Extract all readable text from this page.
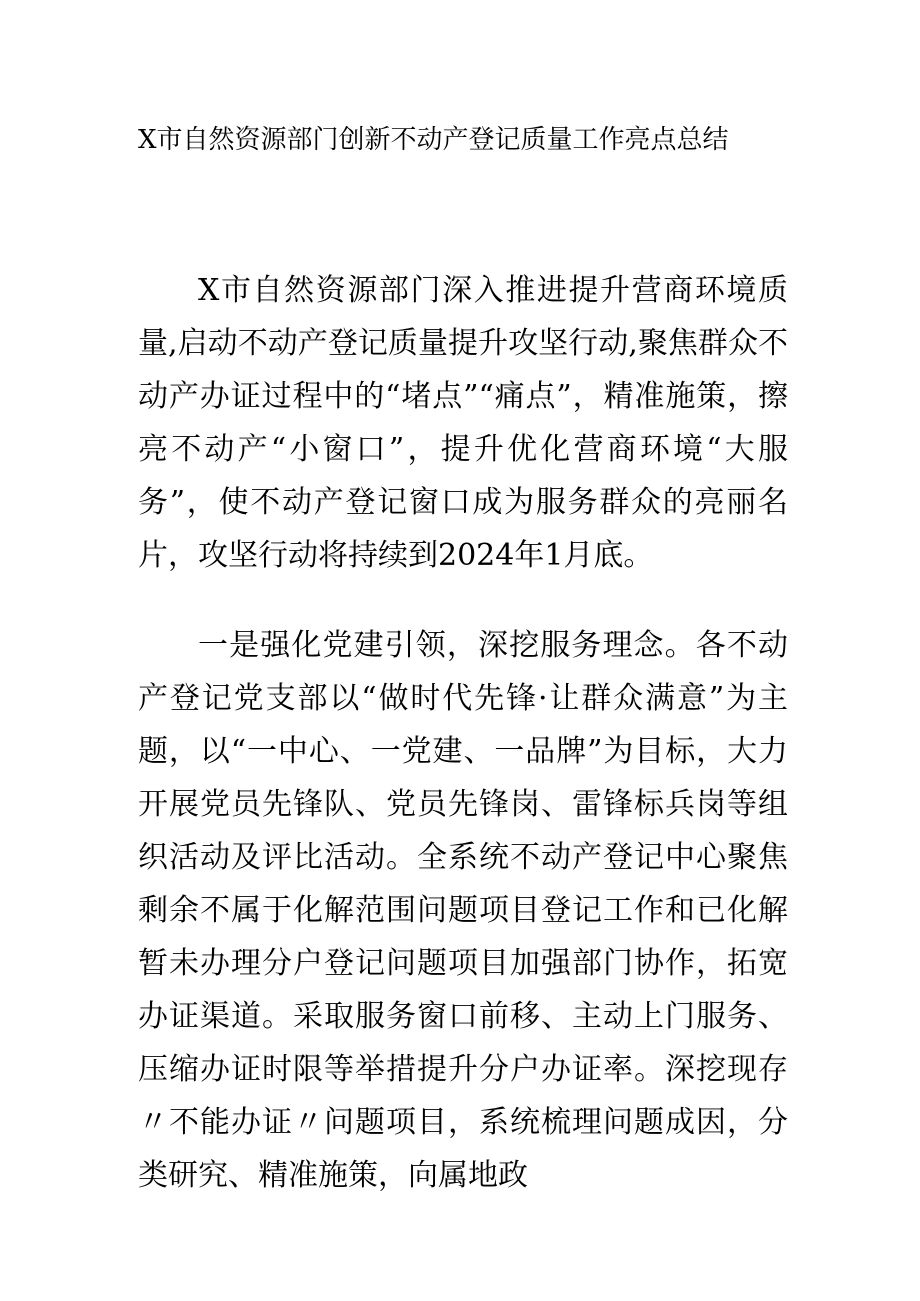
X市自然资源部门创新不动产登记质量工作亮点总结

X市自然资源部门深入推进提升营商环境质量,启动不动产登记质量提升攻坚行动,聚焦群众不动产办证过程中的“堵点”“痛点”，精准施策，擦亮不动产“小窗口”，提升优化营商环境“大服务”，使不动产登记窗口成为服务群众的亮丽名片，攻坚行动将持续到2024年1月底。

一是强化党建引领，深挖服务理念。各不动产登记党支部以“做时代先锋·让群众满意”为主题，以“一中心、一党建、一品牌”为目标，大力开展党员先锋队、党员先锋岗、雷锋标兵岗等组织活动及评比活动。全系统不动产登记中心聚焦剩余不属于化解范围问题项目登记工作和已化解暂未办理分户登记问题项目加强部门协作，拓宽办证渠道。采取服务窗口前移、主动上门服务、压缩办证时限等举措提升分户办证率。深挖现存〃不能办证〃问题项目，系统梳理问题成因，分类研究、精准施策，向属地政
